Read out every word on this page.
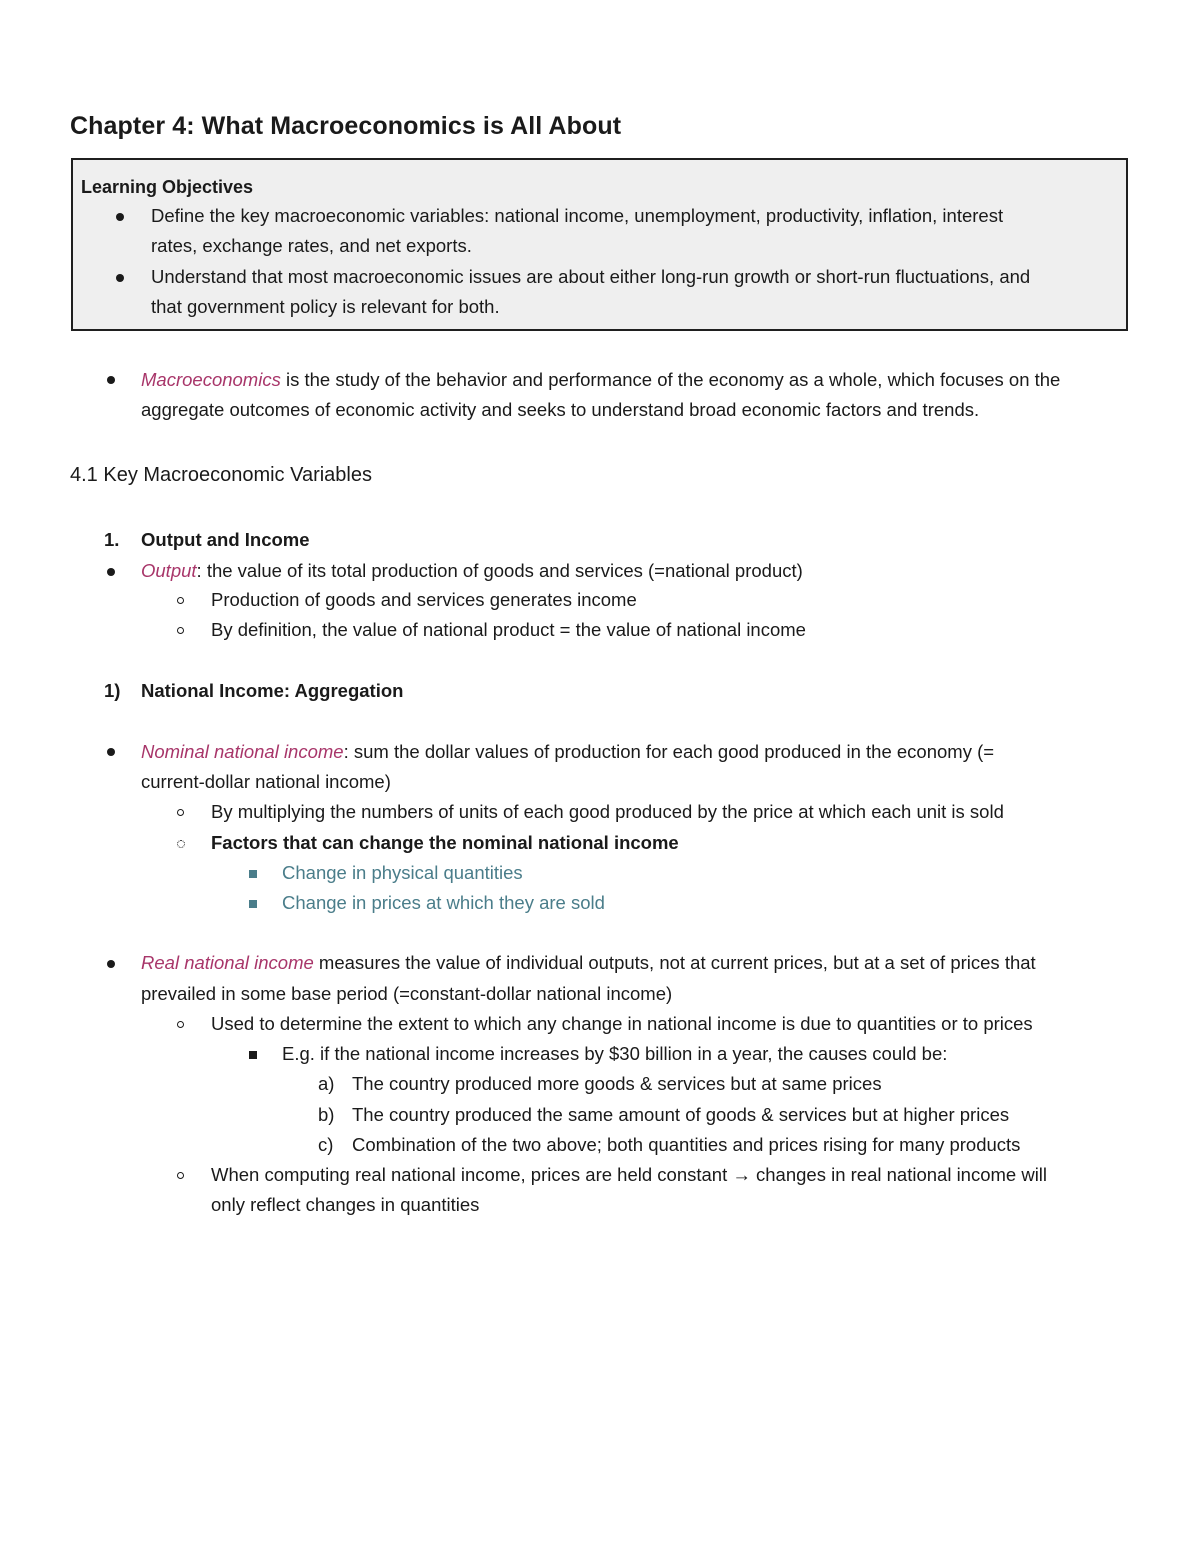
Chapter 4: What Macroeconomics is All About
Learning Objectives
Define the key macroeconomic variables: national income, unemployment, productivity, inflation, interest
rates, exchange rates, and net exports.
Understand that most macroeconomic issues are about either long-run growth or short-run fluctuations, and
that government policy is relevant for both.
Macroeconomics is the study of the behavior and performance of the economy as a whole, which focuses on the
aggregate outcomes of economic activity and seeks to understand broad economic factors and trends.
4.1 Key Macroeconomic Variables
1. Output and Income
Output: the value of its total production of goods and services (=national product)
Production of goods and services generates income
By definition, the value of national product = the value of national income
1) National Income: Aggregation
Nominal national income: sum the dollar values of production for each good produced in the economy (=
current-dollar national income)
By multiplying the numbers of units of each good produced by the price at which each unit is sold
Factors that can change the nominal national income
Change in physical quantities
Change in prices at which they are sold
Real national income measures the value of individual outputs, not at current prices, but at a set of prices that
prevailed in some base period (=constant-dollar national income)
Used to determine the extent to which any change in national income is due to quantities or to prices
E.g. if the national income increases by $30 billion in a year, the causes could be:
a) The country produced more goods & services but at same prices
b) The country produced the same amount of goods & services but at higher prices
c) Combination of the two above; both quantities and prices rising for many products
When computing real national income, prices are held constant → changes in real national income will
only reflect changes in quantities
